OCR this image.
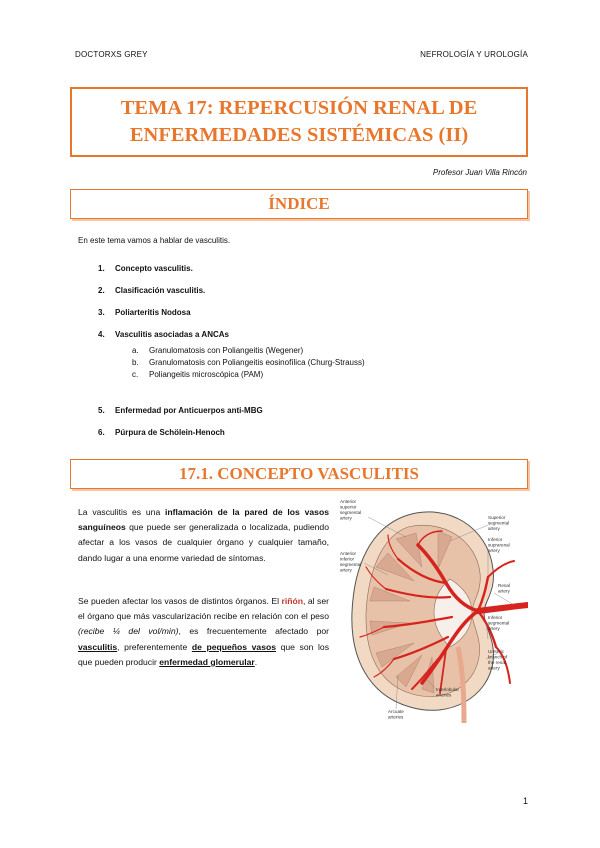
DOCTORXS GREY	NEFROLOGÍA Y UROLOGÍA
TEMA 17: REPERCUSIÓN RENAL DE
ENFERMEDADES SISTÉMICAS (II)
Profesor Juan Villa Rincón
ÍNDICE
En este tema vamos a hablar de vasculitis.
1.	Concepto vasculitis.
2.	Clasificación vasculitis.
3.	Poliarteritis Nodosa
4.	Vasculitis asociadas a ANCAs
a.	Granulomatosis con Poliangeitis (Wegener)
b.	Granulomatosis con Poliangeitis eosinofílica (Churg-Strauss)
c.	Poliangeitis microscópica (PAM)
5.	Enfermedad por Anticuerpos anti-MBG
6.	Púrpura de Schölein-Henoch
17.1. CONCEPTO VASCULITIS

La vasculitis es una inflamación de la pared de los vasos sanguíneos que puede ser generalizada o localizada, pudiendo afectar a los vasos de cualquier órgano y cualquier tamaño, dando lugar a una enorme variedad de síntomas.

Se pueden afectar los vasos de distintos órganos. El riñón, al ser el órgano que más vascularización recibe en relación con el peso (recibe ¼ del vol/min), es frecuentemente afectado por vasculitis, preferentemente de pequeños vasos que son los que pueden producir enfermedad glomerular.

Anterior superior segmental artery
Anterior inferior segmental artery
Superior segmental artery
Inferior suprarenal artery
Renal artery
Inferior segmental artery
Ureteric branch of the renal artery
Interlobular arteries
Arcuate arteries
1
